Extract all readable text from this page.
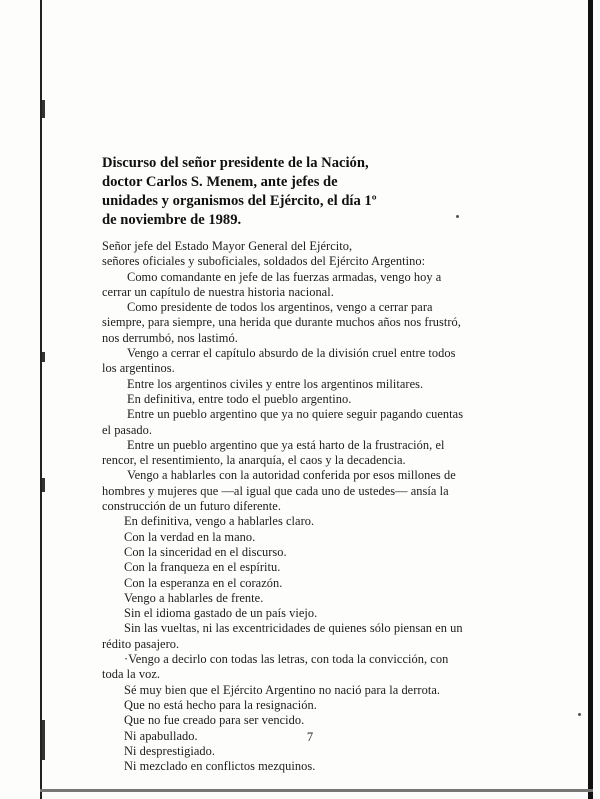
Discurso del señor presidente de la Nación,
doctor Carlos S. Menem, ante jefes de
unidades y organismos del Ejército, el día 1º
de noviembre de 1989.
Señor jefe del Estado Mayor General del Ejército,
señores oficiales y suboficiales, soldados del Ejército Argentino:
Como comandante en jefe de las fuerzas armadas, vengo hoy a
cerrar un capítulo de nuestra historia nacional.
Como presidente de todos los argentinos, vengo a cerrar para
siempre, para siempre, una herida que durante muchos años nos frustró,
nos derrumbó, nos lastimó.
Vengo a cerrar el capítulo absurdo de la división cruel entre todos
los argentinos.
Entre los argentinos civiles y entre los argentinos militares.
En definitiva, entre todo el pueblo argentino.
Entre un pueblo argentino que ya no quiere seguir pagando cuentas
el pasado.
Entre un pueblo argentino que ya está harto de la frustración, el
rencor, el resentimiento, la anarquía, el caos y la decadencia.
Vengo a hablarles con la autoridad conferida por esos millones de
hombres y mujeres que —al igual que cada uno de ustedes— ansía la
construcción de un futuro diferente.
En definitiva, vengo a hablarles claro.
Con la verdad en la mano.
Con la sinceridad en el discurso.
Con la franqueza en el espíritu.
Con la esperanza en el corazón.
Vengo a hablarles de frente.
Sin el idioma gastado de un país viejo.
Sin las vueltas, ni las excentricidades de quienes sólo piensan en un
rédito pasajero.
·Vengo a decirlo con todas las letras, con toda la convicción, con
toda la voz.
Sé muy bien que el Ejército Argentino no nació para la derrota.
Que no está hecho para la resignación.
Que no fue creado para ser vencido.
Ni apabullado.
Ni desprestigiado.
Ni mezclado en conflictos mezquinos.
7
